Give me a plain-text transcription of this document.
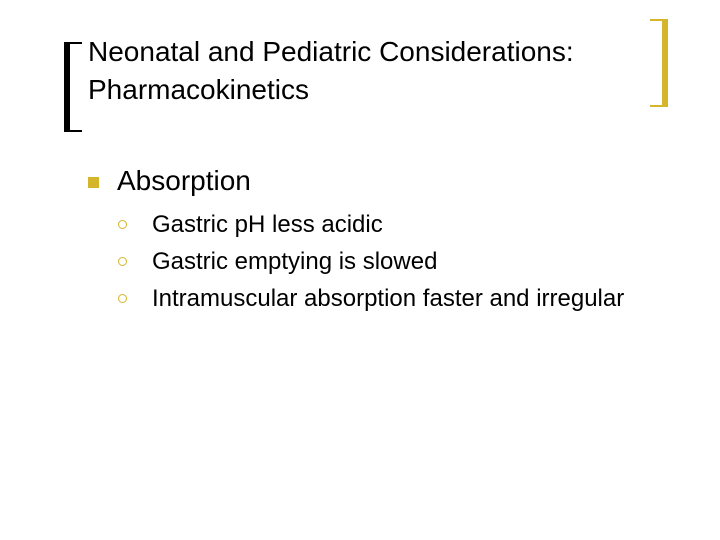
Neonatal and Pediatric Considerations:
Pharmacokinetics
Absorption
Gastric pH less acidic
Gastric emptying is slowed
Intramuscular absorption faster and irregular
